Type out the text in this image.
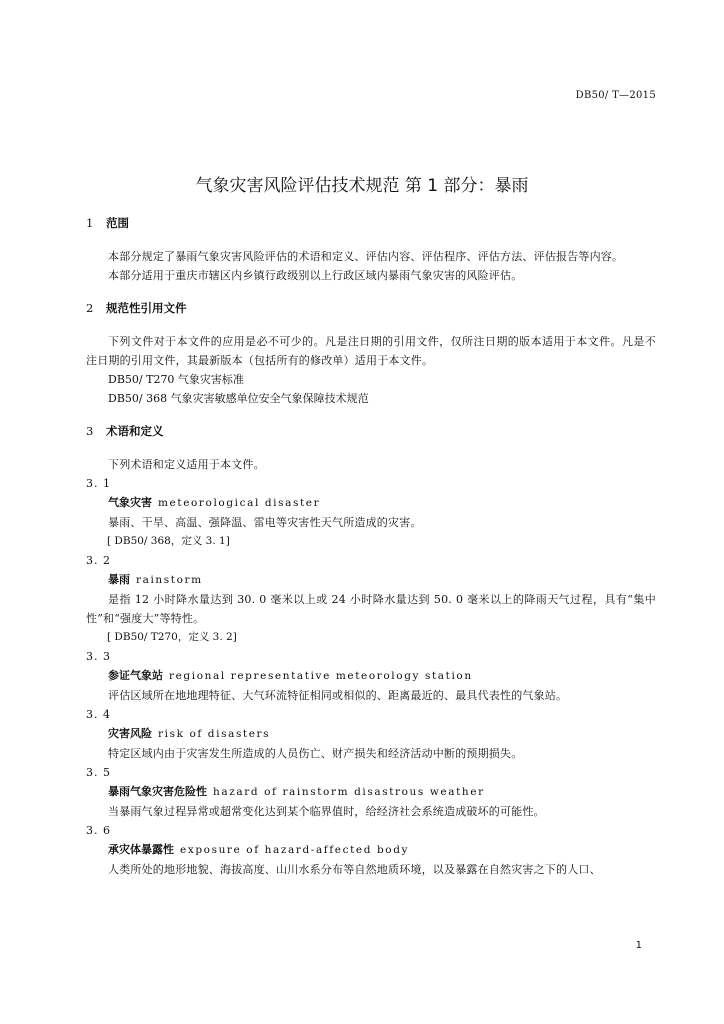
DB50/ T—2015
气象灾害风险评估技术规范 第 1 部分：暴雨

1 范围

本部分规定了暴雨气象灾害风险评估的术语和定义、评估内容、评估程序、评估方法、评估报告等内容。

本部分适用于重庆市辖区内乡镇行政级别以上行政区域内暴雨气象灾害的风险评估。

2 规范性引用文件

下列文件对于本文件的应用是必不可少的。凡是注日期的引用文件，仅所注日期的版本适用于本文件。凡是不注日期的引用文件，其最新版本（包括所有的修改单）适用于本文件。

DB50/ T270 气象灾害标准

DB50/ 368 气象灾害敏感单位安全气象保障技术规范

3 术语和定义

下列术语和定义适用于本文件。

3. 1

气象灾害 meteorological disaster

暴雨、干旱、高温、强降温、雷电等灾害性天气所造成的灾害。

[ DB50/ 368，定义 3. 1]

3. 2

暴雨 rainstorm

是指 12 小时降水量达到 30. 0 毫米以上或 24 小时降水量达到 50. 0 毫米以上的降雨天气过程，具有“集中性”和“强度大”等特性。

[ DB50/ T270，定义 3. 2]

3. 3

参证气象站 regional representative meteorology station

评估区域所在地地理特征、大气环流特征相同或相似的、距离最近的、最具代表性的气象站。

3. 4

灾害风险 risk of disasters

特定区域内由于灾害发生所造成的人员伤亡、财产损失和经济活动中断的预期损失。

3. 5

暴雨气象灾害危险性 hazard of rainstorm disastrous weather

当暴雨气象过程异常或超常变化达到某个临界值时，给经济社会系统造成破坏的可能性。

3. 6

承灾体暴露性 exposure of hazard-affected body

人类所处的地形地貌、海拔高度、山川水系分布等自然地质环境，以及暴露在自然灾害之下的人口、

1
